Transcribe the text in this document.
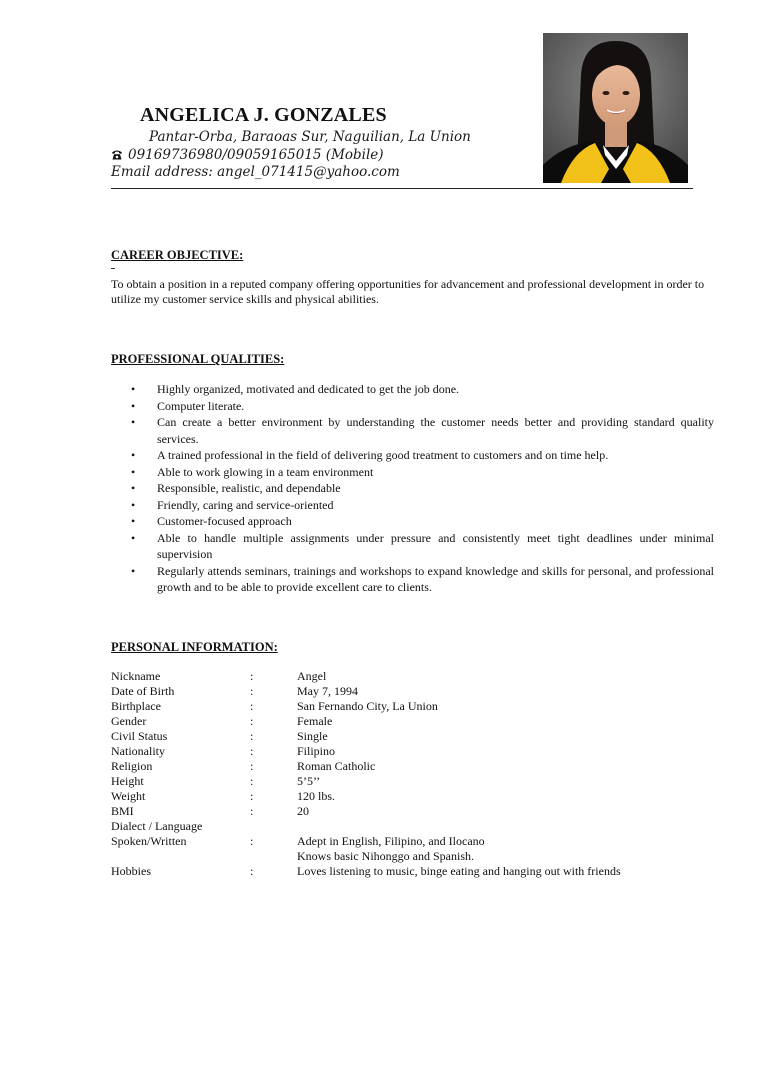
ANGELICA J. GONZALES
Pantar-Orba, Baraoas Sur, Naguilian, La Union
09169736980/09059165015 (Mobile)
Email address: angel_071415@yahoo.com
CAREER OBJECTIVE:
To obtain a position in a reputed company offering opportunities for advancement and professional development in order to utilize my customer service skills and physical abilities.
PROFESSIONAL QUALITIES:
• Highly organized, motivated and dedicated to get the job done.
• Computer literate.
• Can create a better environment by understanding the customer needs better and providing standard quality services.
• A trained professional in the field of delivering good treatment to customers and on time help.
• Able to work glowing in a team environment
• Responsible, realistic, and dependable
• Friendly, caring and service-oriented
• Customer-focused approach
• Able to handle multiple assignments under pressure and consistently meet tight deadlines under minimal supervision
• Regularly attends seminars, trainings and workshops to expand knowledge and skills for personal, and professional growth and to be able to provide excellent care to clients.
PERSONAL INFORMATION:
Nickname	:	Angel
Date of Birth	:	May 7, 1994
Birthplace	:	San Fernando City, La Union
Gender	:	Female
Civil Status	:	Single
Nationality	:	Filipino
Religion	:	Roman Catholic
Height	:	5’5’’
Weight	:	120 lbs.
BMI	:	20
Dialect / Language
Spoken/Written	:	Adept in English, Filipino, and Ilocano
Knows basic Nihonggo and Spanish.
Hobbies	:	Loves listening to music, binge eating and hanging out with friends
